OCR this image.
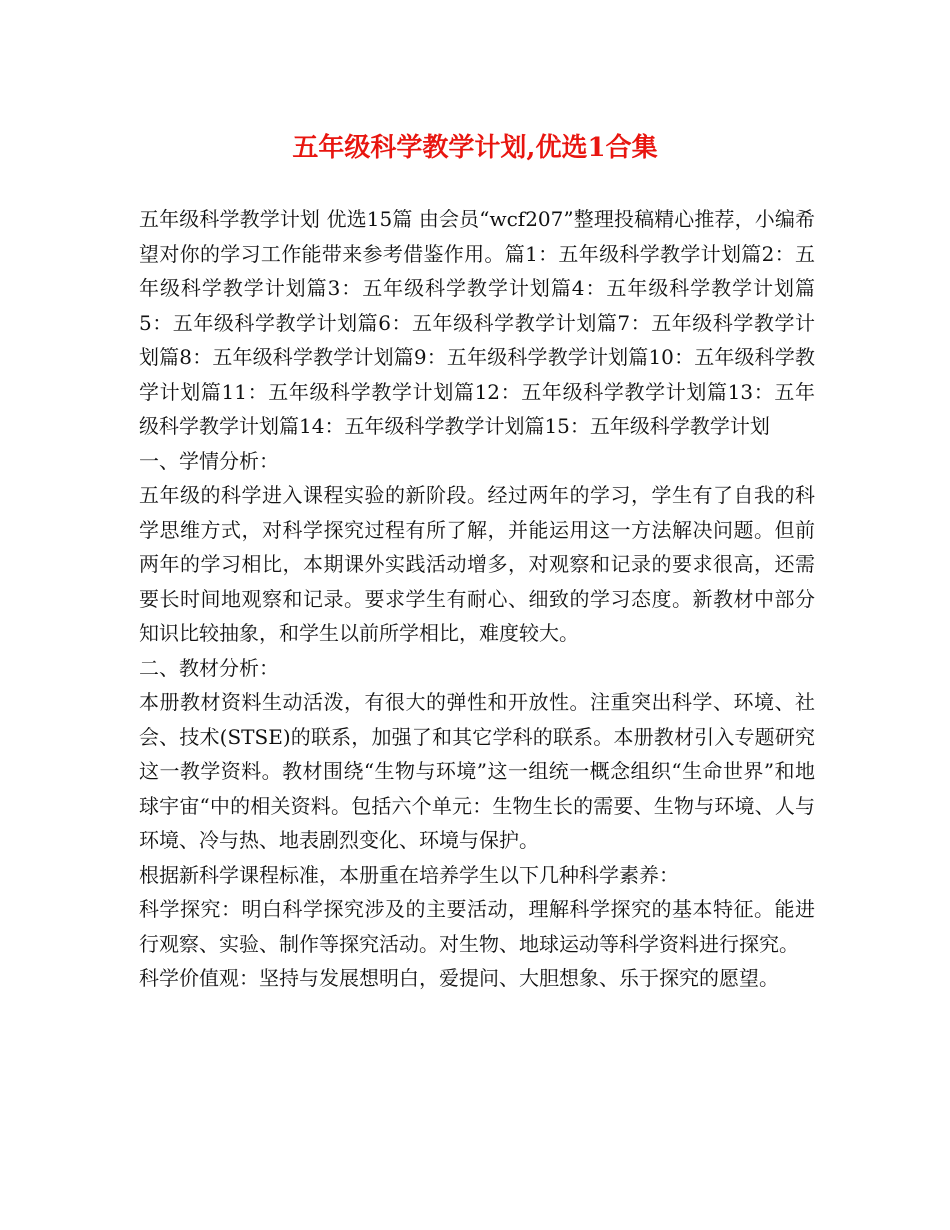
五年级科学教学计划,优选1合集

五年级科学教学计划 优选15篇 由会员“wcf207”整理投稿精心推荐，小编希望对你的学习工作能带来参考借鉴作用。篇1：五年级科学教学计划篇2：五年级科学教学计划篇3：五年级科学教学计划篇4：五年级科学教学计划篇5：五年级科学教学计划篇6：五年级科学教学计划篇7：五年级科学教学计划篇8：五年级科学教学计划篇9：五年级科学教学计划篇10：五年级科学教学计划篇11：五年级科学教学计划篇12：五年级科学教学计划篇13：五年级科学教学计划篇14：五年级科学教学计划篇15：五年级科学教学计划

一、学情分析：

五年级的科学进入课程实验的新阶段。经过两年的学习，学生有了自我的科学思维方式，对科学探究过程有所了解，并能运用这一方法解决问题。但前两年的学习相比，本期课外实践活动增多，对观察和记录的要求很高，还需要长时间地观察和记录。要求学生有耐心、细致的学习态度。新教材中部分知识比较抽象，和学生以前所学相比，难度较大。

二、教材分析：

本册教材资料生动活泼，有很大的弹性和开放性。注重突出科学、环境、社会、技术(STSE)的联系，加强了和其它学科的联系。本册教材引入专题研究这一教学资料。教材围绕“生物与环境”这一组统一概念组织“生命世界”和地球宇宙“中的相关资料。包括六个单元：生物生长的需要、生物与环境、人与环境、冷与热、地表剧烈变化、环境与保护。

根据新科学课程标准，本册重在培养学生以下几种科学素养：

科学探究：明白科学探究涉及的主要活动，理解科学探究的基本特征。能进行观察、实验、制作等探究活动。对生物、地球运动等科学资料进行探究。

科学价值观：坚持与发展想明白，爱提问、大胆想象、乐于探究的愿望。
